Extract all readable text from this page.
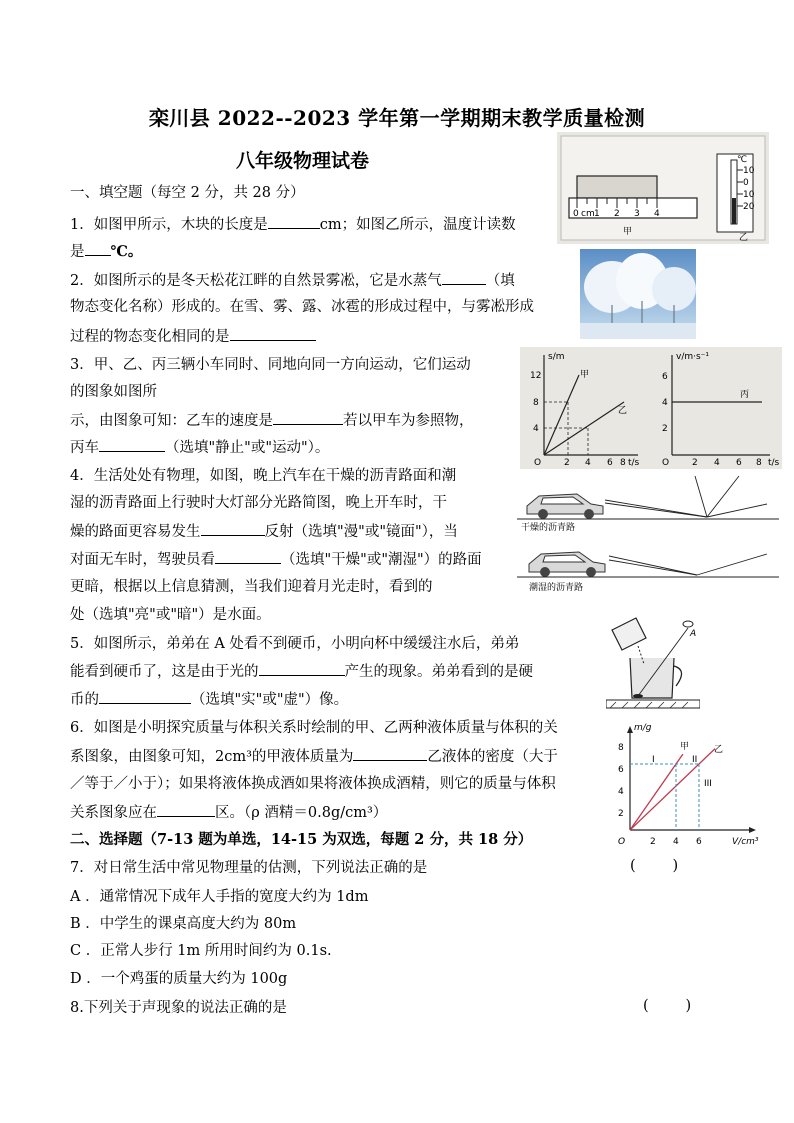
栾川县 2022--2023 学年第一学期期末教学质量检测
八年级物理试卷
一、填空题（每空 2 分，共 28 分）
1．如图甲所示，木块的长度是	cm；如图乙所示，温度计读数
是 ℃。
2．如图所示的是冬天松花江畔的自然景雾凇，它是水蒸气	（填
物态变化名称）形成的。在雪、雾、露、冰雹的形成过程中，与雾凇形成
过程的物态变化相同的是
3．甲、乙、丙三辆小车同时、同地向同一方向运动，它们运动
的图象如图所
示，由图象可知：乙车的速度是	若以甲车为参照物，
丙车	（选填"静止"或"运动"）。
4．生活处处有物理，如图，晚上汽车在干燥的沥青路面和潮
湿的沥青路面上行驶时大灯部分光路简图，晚上开车时，干
燥的路面更容易发生	反射（选填"漫"或"镜面"），当
对面无车时，驾驶员看	（选填"干燥"或"潮湿"）的路面
更暗，根据以上信息猜测，当我们迎着月光走时，看到的
处（选填"亮"或"暗"）是水面。
5．如图所示，弟弟在 A 处看不到硬币，小明向杯中缓缓注水后，弟弟
能看到硬币了，这是由于光的	产生的现象。弟弟看到的是硬
币的	（选填"实"或"虚"）像。
6．如图是小明探究质量与体积关系时绘制的甲、乙两种液体质量与体积的关
系图象，由图象可知，2cm³的甲液体质量为	乙液体的密度（大于
／等于／小于）；如果将液体换成酒如果将液体换成酒精，则它的质量与体积
关系图象应在	区。（ρ 酒精＝0.8g/cm³）
二、选择题（7-13 题为单选，14-15 为双选，每题 2 分，共 18 分）
7．对日常生活中常见物理量的估测，下列说法正确的是	(        )
A ．通常情况下成年人手指的宽度大约为 1dm
B ．中学生的课桌高度大约为 80m
C ．正常人步行 1m 所用时间约为 0.1s.
D ．一个鸡蛋的质量大约为 100g
8.下列关于声现象的说法正确的是	(        )
0 1 2 3 4
cm
甲
℃
10
0
10
20
乙
s/m
t/s
12
8
4
2 4 6 8
O
甲
乙
v/m·s⁻¹
t/s
6
4
2
2 4 6 8
O
丙
干燥的沥青路
潮湿的沥青路
A
m/g
V/cm³
O
8
6
4
2
2 4 6
甲	乙
I	II
III
